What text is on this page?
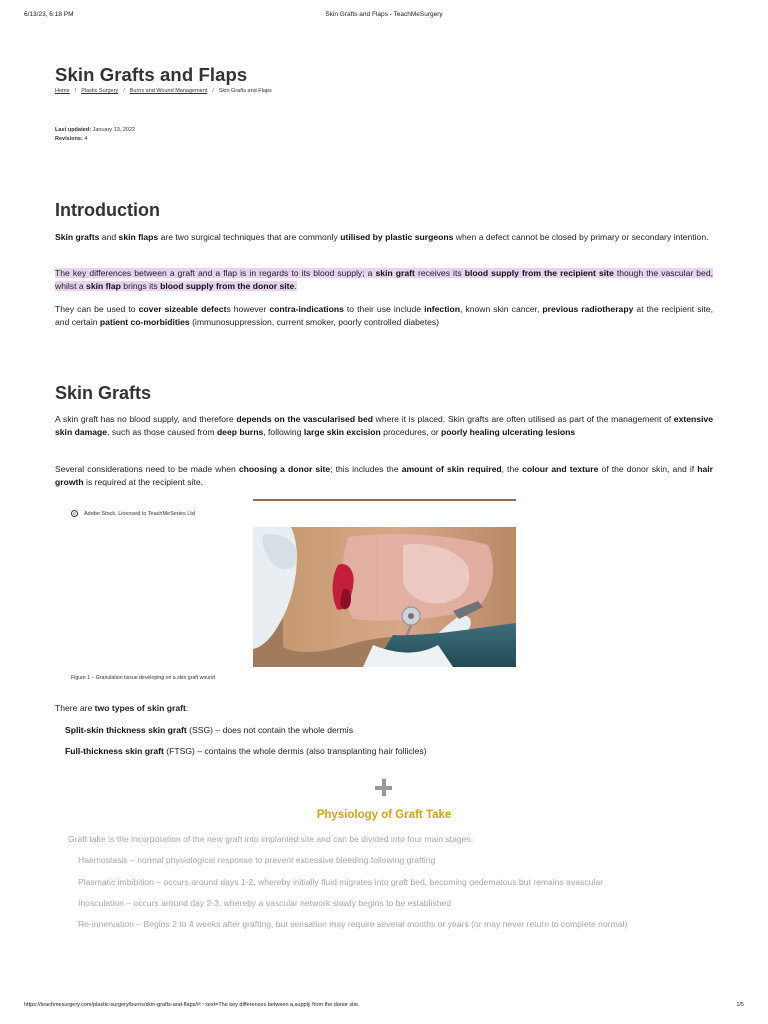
6/13/23, 6:18 PM	Skin Grafts and Flaps - TeachMeSurgery
Skin Grafts and Flaps
Home / Plastic Surgery / Burns and Wound Management / Skin Grafts and Flaps
Last updated: January 13, 2022
Revisions: 4
Introduction

Skin grafts and skin flaps are two surgical techniques that are commonly utilised by plastic surgeons when a defect cannot be closed by primary or secondary intention.

The key differences between a graft and a flap is in regards to its blood supply; a skin graft receives its blood supply from the recipient site though the vascular bed, whilst a skin flap brings its blood supply from the donor site.

They can be used to cover sizeable defects however contra-indications to their use include infection, known skin cancer, previous radiotherapy at the recipient site, and certain patient co-morbidities (immunosuppression, current smoker, poorly controlled diabetes)

Skin Grafts

A skin graft has no blood supply, and therefore depends on the vascularised bed where it is placed. Skin grafts are often utilised as part of the management of extensive skin damage, such as those caused from deep burns, following large skin excision procedures, or poorly healing ulcerating lesions

Several considerations need to be made when choosing a donor site; this includes the amount of skin required, the colour and texture of the donor skin, and if hair growth is required at the recipient site.

© Adobe Stock, Licensed to TeachMeSeries Ltd
Figure 1 – Granulation tissue developing on a skin graft wound
There are two types of skin graft:
Split-skin thickness skin graft (SSG) – does not contain the whole dermis
Full-thickness skin graft (FTSG) – contains the whole dermis (also transplanting hair follicles)
Physiology of Graft Take
Graft take is the incorporation of the new graft into implanted site and can be divided into four main stages:
Haemostasis – normal physiological response to prevent excessive bleeding following grafting
Plasmatic imbibition – occurs around days 1-2, whereby initially fluid migrates into graft bed, becoming oedematous but remains avascular
Inosculation – occurs around day 2-3, whereby a vascular network slowly begins to be established
Re-innervation – Begins 2 to 4 weeks after grafting, but sensation may require several months or years (or may never return to complete normal)
https://teachmesurgery.com/plastic-surgery/burns/skin-grafts-and-flaps/#:~:text=The key differences between a,supply from the donor site.	1/5
